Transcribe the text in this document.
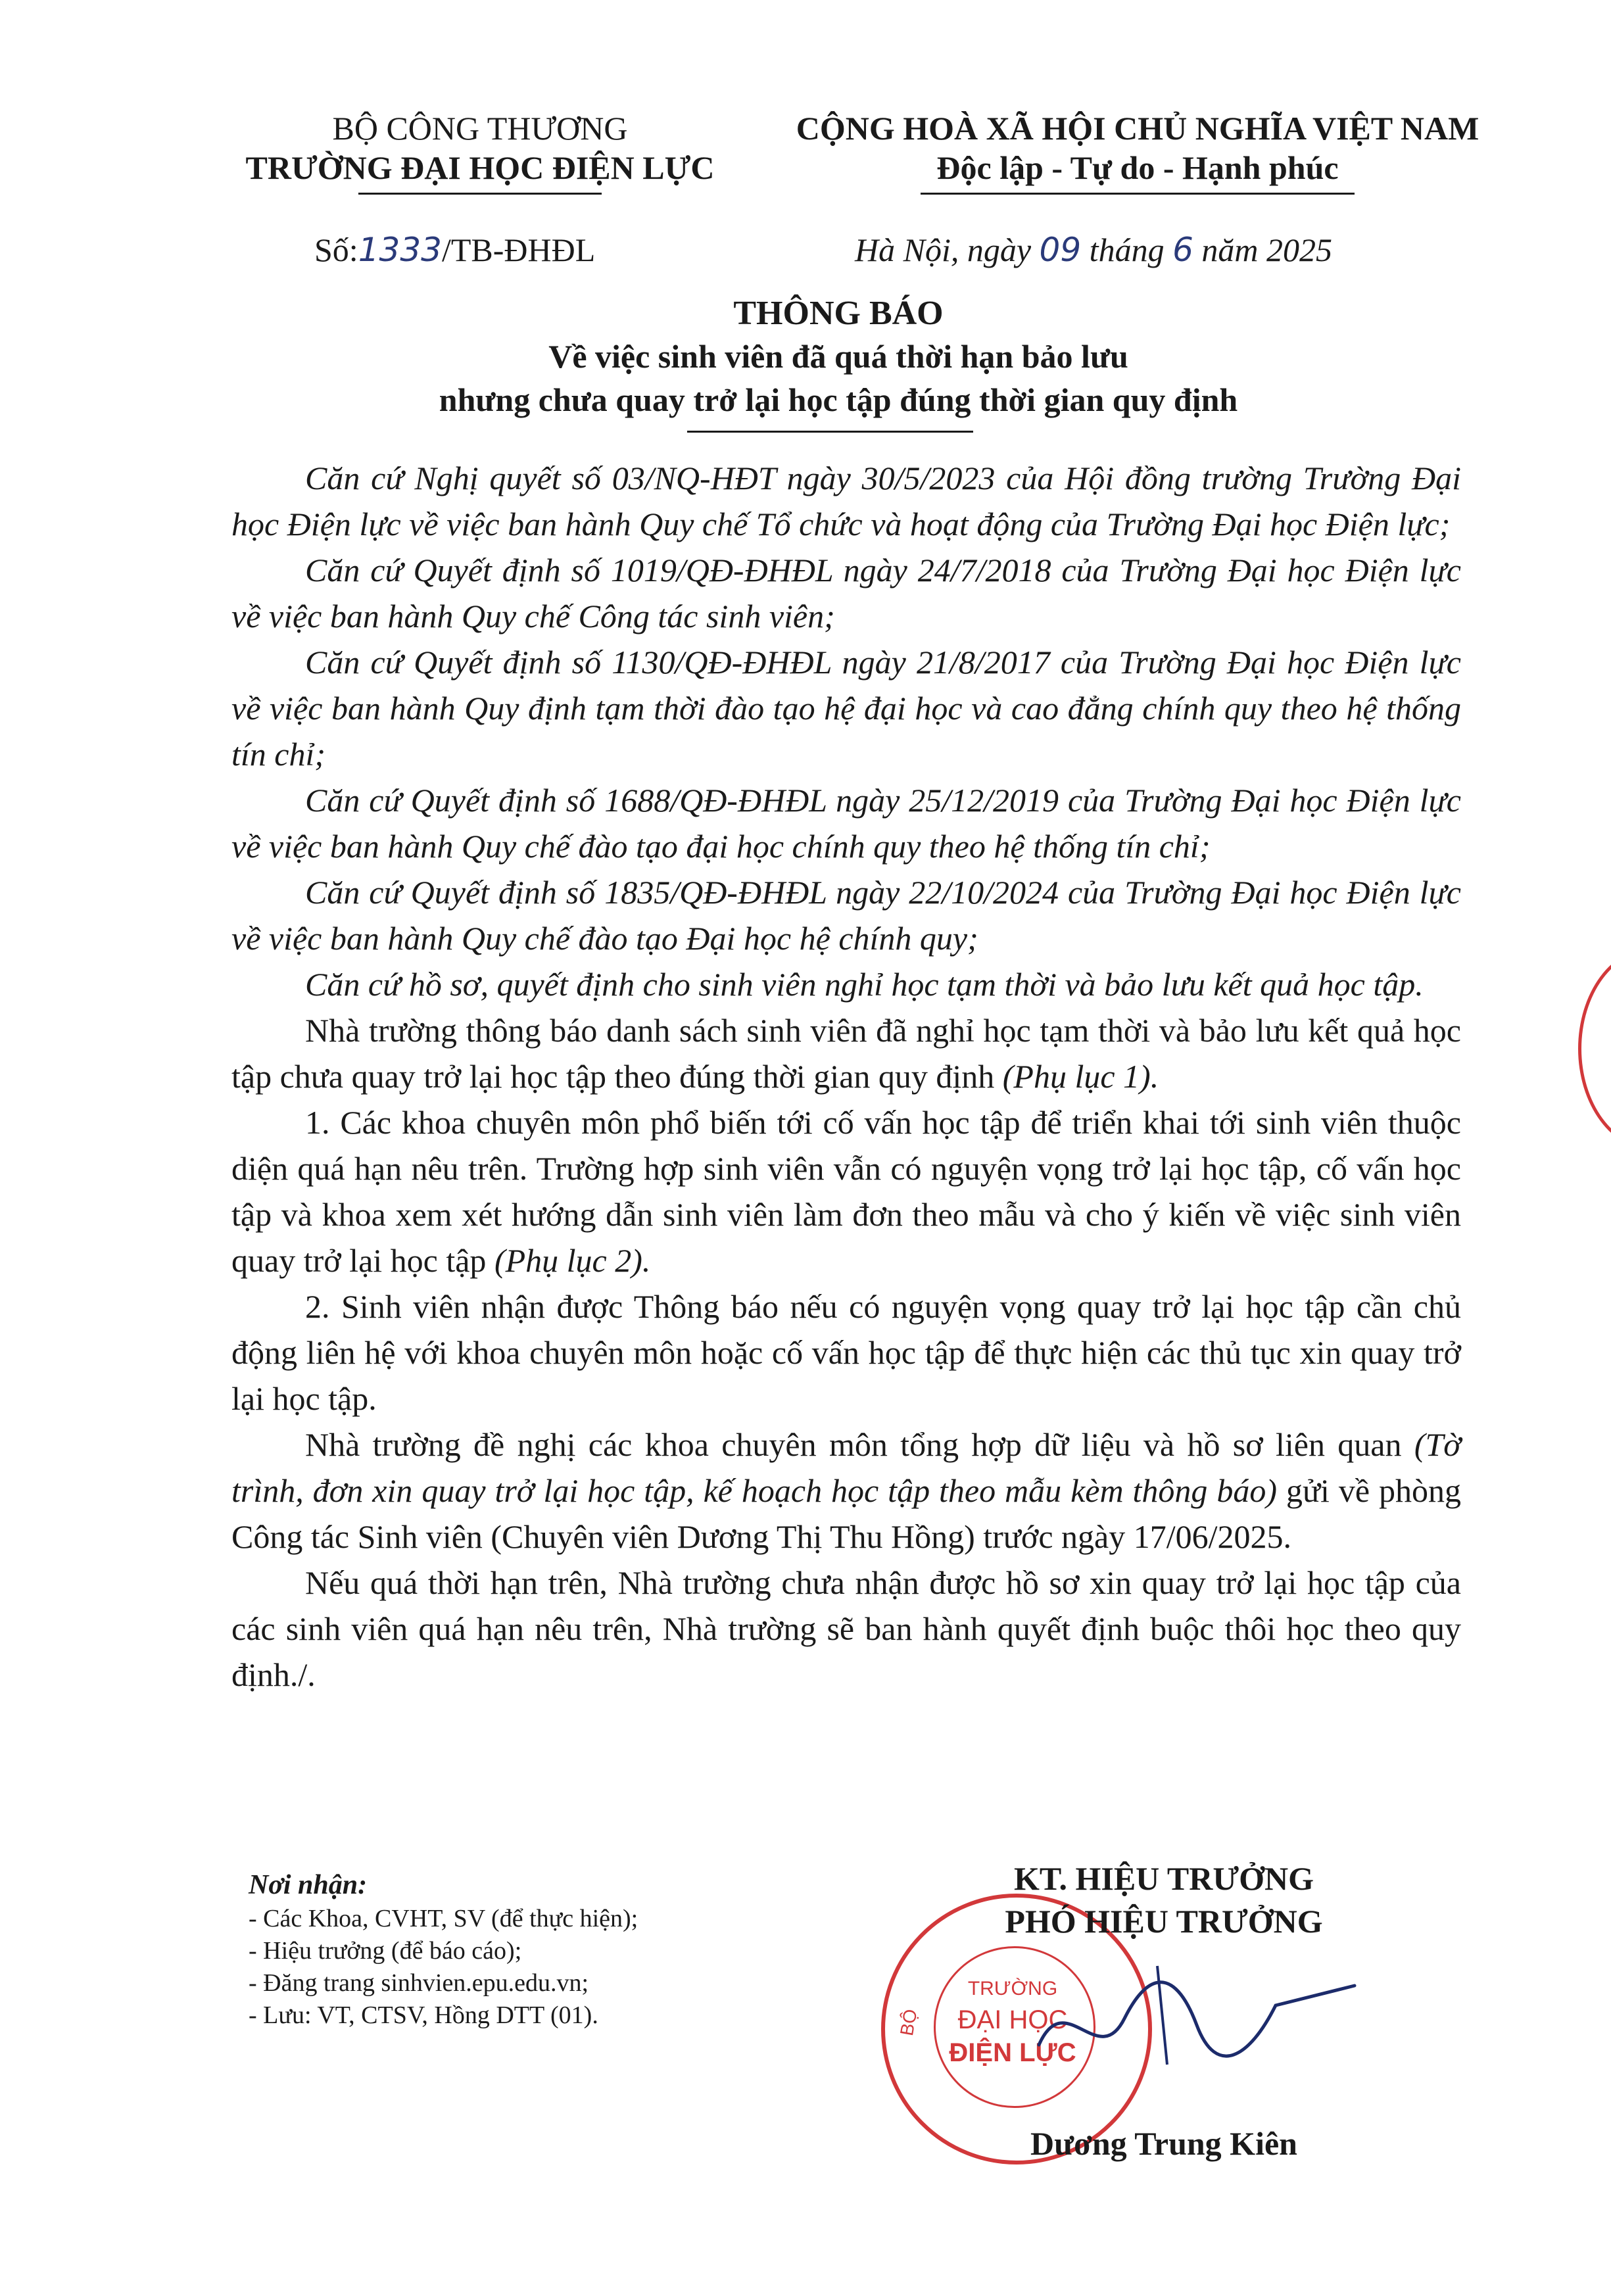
BỘ CÔNG THƯƠNG
TRƯỜNG ĐẠI HỌC ĐIỆN LỰC
CỘNG HOÀ XÃ HỘI CHỦ NGHĨA VIỆT NAM
Độc lập - Tự do - Hạnh phúc
Số:1333/TB-ĐHĐL	Hà Nội, ngày 09 tháng 6 năm 2025
THÔNG BÁO
Về việc sinh viên đã quá thời hạn bảo lưu
nhưng chưa quay trở lại học tập đúng thời gian quy định

Căn cứ Nghị quyết số 03/NQ-HĐT ngày 30/5/2023 của Hội đồng trường Trường Đại học Điện lực về việc ban hành Quy chế Tổ chức và hoạt động của Trường Đại học Điện lực;

Căn cứ Quyết định số 1019/QĐ-ĐHĐL ngày 24/7/2018 của Trường Đại học Điện lực về việc ban hành Quy chế Công tác sinh viên;

Căn cứ Quyết định số 1130/QĐ-ĐHĐL ngày 21/8/2017 của Trường Đại học Điện lực về việc ban hành Quy định tạm thời đào tạo hệ đại học và cao đẳng chính quy theo hệ thống tín chỉ;

Căn cứ Quyết định số 1688/QĐ-ĐHĐL ngày 25/12/2019 của Trường Đại học Điện lực về việc ban hành Quy chế đào tạo đại học chính quy theo hệ thống tín chỉ;

Căn cứ Quyết định số 1835/QĐ-ĐHĐL ngày 22/10/2024 của Trường Đại học Điện lực về việc ban hành Quy chế đào tạo Đại học hệ chính quy;

Căn cứ hồ sơ, quyết định cho sinh viên nghỉ học tạm thời và bảo lưu kết quả học tập.

Nhà trường thông báo danh sách sinh viên đã nghỉ học tạm thời và bảo lưu kết quả học tập chưa quay trở lại học tập theo đúng thời gian quy định (Phụ lục 1).

1. Các khoa chuyên môn phổ biến tới cố vấn học tập để triển khai tới sinh viên thuộc diện quá hạn nêu trên. Trường hợp sinh viên vẫn có nguyện vọng trở lại học tập, cố vấn học tập và khoa xem xét hướng dẫn sinh viên làm đơn theo mẫu và cho ý kiến về việc sinh viên quay trở lại học tập (Phụ lục 2).

2. Sinh viên nhận được Thông báo nếu có nguyện vọng quay trở lại học tập cần chủ động liên hệ với khoa chuyên môn hoặc cố vấn học tập để thực hiện các thủ tục xin quay trở lại học tập.

Nhà trường đề nghị các khoa chuyên môn tổng hợp dữ liệu và hồ sơ liên quan (Tờ trình, đơn xin quay trở lại học tập, kế hoạch học tập theo mẫu kèm thông báo) gửi về phòng Công tác Sinh viên (Chuyên viên Dương Thị Thu Hồng) trước ngày 17/06/2025.

Nếu quá thời hạn trên, Nhà trường chưa nhận được hồ sơ xin quay trở lại học tập của các sinh viên quá hạn nêu trên, Nhà trường sẽ ban hành quyết định buộc thôi học theo quy định./.

Nơi nhận:
- Các Khoa, CVHT, SV (để thực hiện);
- Hiệu trưởng (để báo cáo);
- Đăng trang sinhvien.epu.edu.vn;
- Lưu: VT, CTSV, Hồng DTT (01).
TRƯỜNG
ĐẠI HỌC
ĐIỆN LỰC
BỘ
KT. HIỆU TRƯỞNG
PHÓ HIỆU TRƯỞNG
Dương Trung Kiên
